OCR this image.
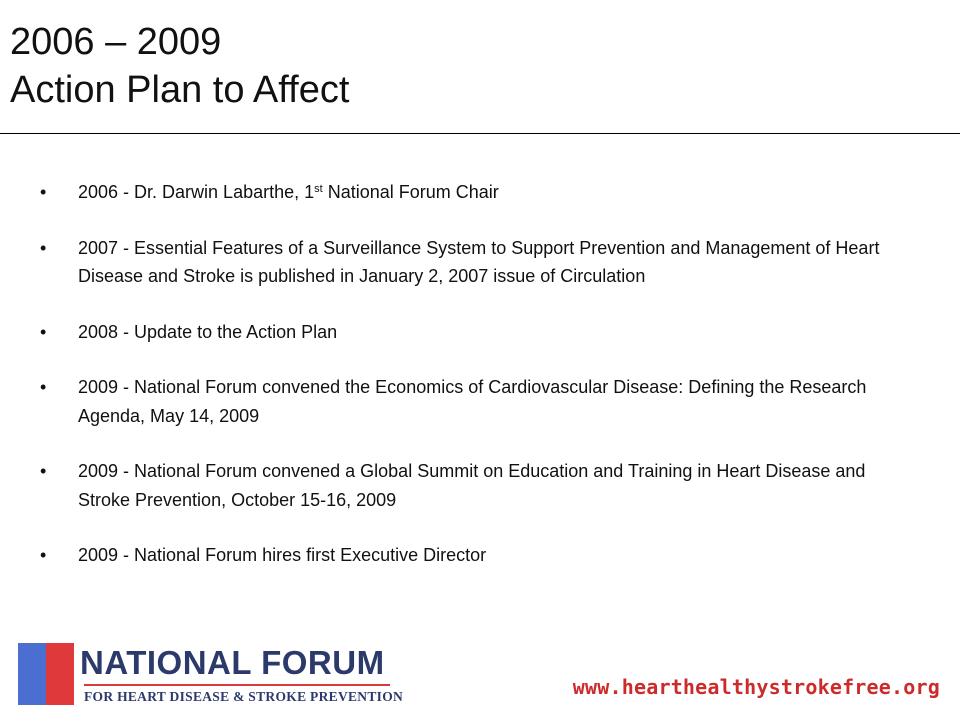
2006 – 2009
Action Plan to Affect
• 2006 - Dr. Darwin Labarthe, 1st National Forum Chair
• 2007 - Essential Features of a Surveillance System to Support Prevention and Management of Heart Disease and Stroke is published in January 2, 2007 issue of Circulation
• 2008 - Update to the Action Plan
• 2009 - National Forum convened the Economics of Cardiovascular Disease: Defining the Research Agenda, May 14, 2009
• 2009 - National Forum convened a Global Summit on Education and Training in Heart Disease and Stroke Prevention, October 15-16, 2009
• 2009 - National Forum hires first Executive Director
NATIONAL FORUM
FOR HEART DISEASE & STROKE PREVENTION	www.hearthealthystrokefree.org
